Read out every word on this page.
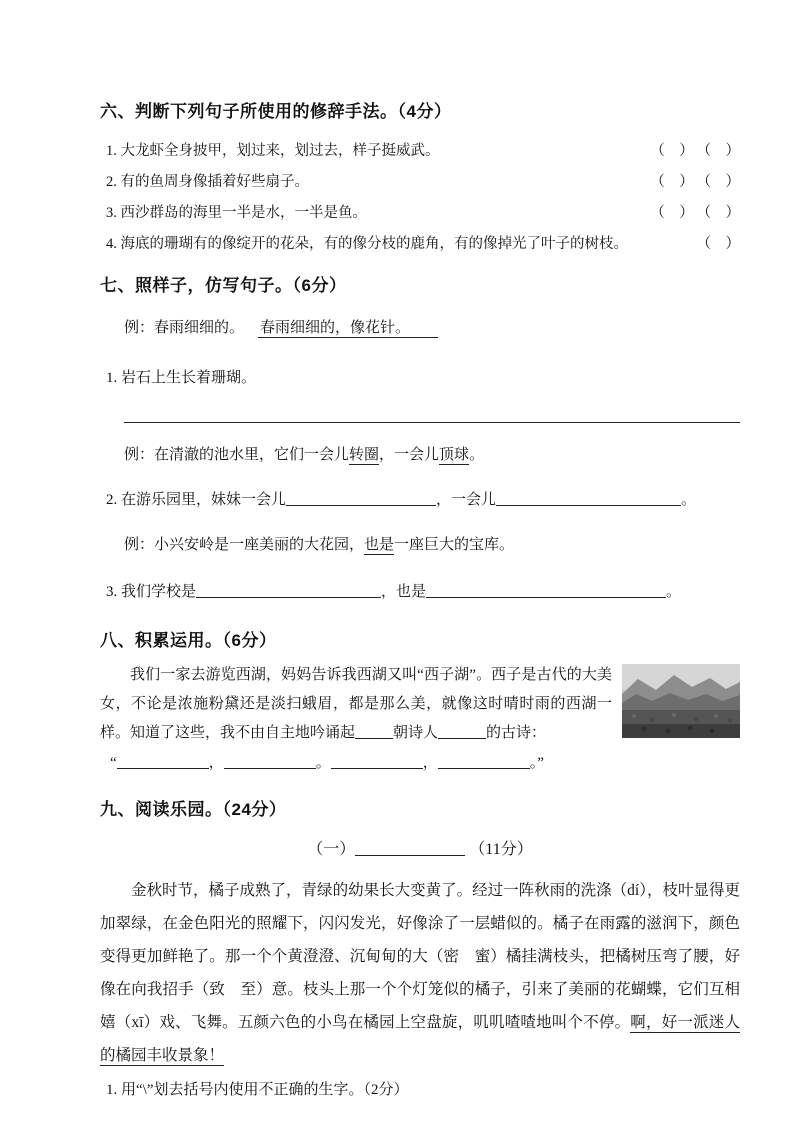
六、判断下列句子所使用的修辞手法。（4分）
1. 大龙虾全身披甲，划过来，划过去，样子挺威武。	（　） （　）
2. 有的鱼周身像插着好些扇子。	（　） （　）
3. 西沙群岛的海里一半是水，一半是鱼。	（　） （　）
4. 海底的珊瑚有的像绽开的花朵，有的像分枝的鹿角，有的像掉光了叶子的树枝。	（　）
七、照样子，仿写句子。（6分）

例：春雨细细的。 春雨细细的，像花针。

1. 岩石上生长着珊瑚。

例：在清澈的池水里，它们一会儿转圈，一会儿顶球。

2. 在游乐园里，妹妹一会儿	，一会儿	。

例：小兴安岭是一座美丽的大花园，也是一座巨大的宝库。

3. 我们学校是	，也是	。

八、积累运用。（6分）

我们一家去游览西湖，妈妈告诉我西湖又叫“西子湖”。西子是古代的大美女，不论是浓施粉黛还是淡扫蛾眉，都是那么美，就像这时晴时雨的西湖一样。知道了这些，我不由自主地吟诵起	朝诗人	的古诗：

“	，	。	，	。”
九、阅读乐园。（24分）

（一）	（11分）

金秋时节，橘子成熟了，青绿的幼果长大变黄了。经过一阵秋雨的洗涤（dí），枝叶显得更加翠绿，在金色阳光的照耀下，闪闪发光，好像涂了一层蜡似的。橘子在雨露的滋润下，颜色变得更加鲜艳了。那一个个黄澄澄、沉甸甸的大（密　蜜）橘挂满枝头，把橘树压弯了腰，好像在向我招手（致　至）意。枝头上那一个个灯笼似的橘子，引来了美丽的花蝴蝶，它们互相嬉（xī）戏、飞舞。五颜六色的小鸟在橘园上空盘旋，叽叽喳喳地叫个不停。啊，好一派迷人的橘园丰收景象！

1. 用“\”划去括号内使用不正确的生字。（2分）
